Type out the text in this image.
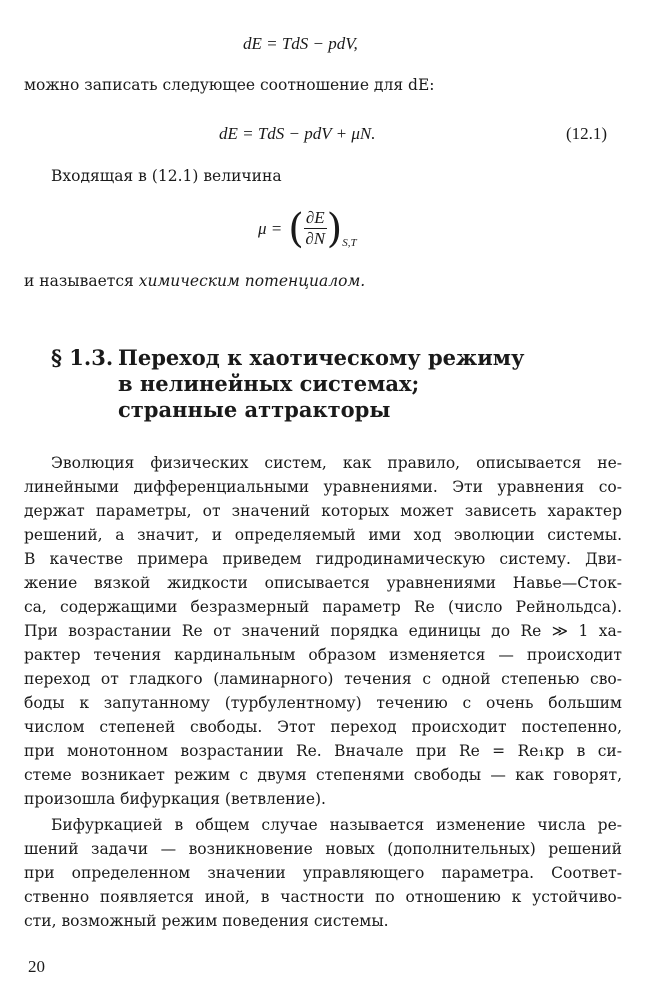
dE = TdS − pdV,
можно записать следующее соотношение для dE:
dE = TdS − pdV + μN.	(12.1)
Входящая в (12.1) величина
μ = ( $\frac{\partial E}{\partial N}$ ) S,T
и называется химическим потенциалом.
§ 1.3. Переход к хаотическому режиму
в нелинейных системах;
странные аттракторы
Эволюция физических систем, как правило, описывается не-
линейными дифференциальными уравнениями. Эти уравнения со-
держат параметры, от значений которых может зависеть характер
решений, а значит, и определяемый ими ход эволюции системы.
В качестве примера приведем гидродинамическую систему. Дви-
жение вязкой жидкости описывается уравнениями Навье—Сток-
са, содержащими безразмерный параметр Re (число Рейнольдса).
При возрастании Re от значений порядка единицы до Re ≫ 1 ха-
рактер течения кардинальным образом изменяется — происходит
переход от гладкого (ламинарного) течения с одной степенью сво-
боды к запутанному (турбулентному) течению с очень большим
числом степеней свободы. Этот переход происходит постепенно,
при монотонном возрастании Re. Вначале при Re = Re₁кр в си-
стеме возникает режим с двумя степенями свободы — как говорят,
произошла бифуркация (ветвление).
Бифуркацией в общем случае называется изменение числа ре-
шений задачи — возникновение новых (дополнительных) решений
при определенном значении управляющего параметра. Соответ-
ственно появляется иной, в частности по отношению к устойчиво-
сти, возможный режим поведения системы.
20
